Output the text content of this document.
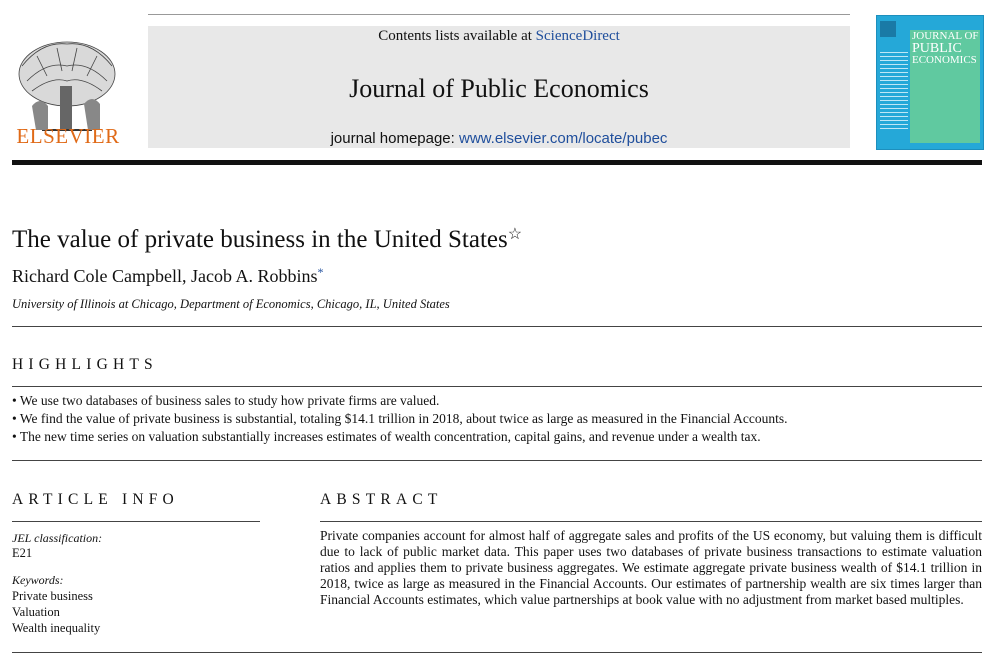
ELSEVIER
Contents lists available at ScienceDirect
Journal of Public Economics
journal homepage: www.elsevier.com/locate/pubec
JOURNAL OF
PUBLIC
ECONOMICS
The value of private business in the United States☆
Richard Cole Campbell, Jacob A. Robbins*
University of Illinois at Chicago, Department of Economics, Chicago, IL, United States
HIGHLIGHTS
• We use two databases of business sales to study how private firms are valued.
• We find the value of private business is substantial, totaling $14.1 trillion in 2018, about twice as large as measured in the Financial Accounts.
• The new time series on valuation substantially increases estimates of wealth concentration, capital gains, and revenue under a wealth tax.
ARTICLE INFO
JEL classification:
E21
Keywords:
Private business
Valuation
Wealth inequality
ABSTRACT
Private companies account for almost half of aggregate sales and profits of the US economy, but valuing them is difficult due to lack of public market data. This paper uses two databases of private business transactions to estimate valuation ratios and applies them to private business aggregates. We estimate aggregate private business wealth of $14.1 trillion in 2018, twice as large as measured in the Financial Accounts. Our estimates of partnership wealth are six times larger than Financial Accounts estimates, which value partnerships at book value with no adjustment from market based multiples.
